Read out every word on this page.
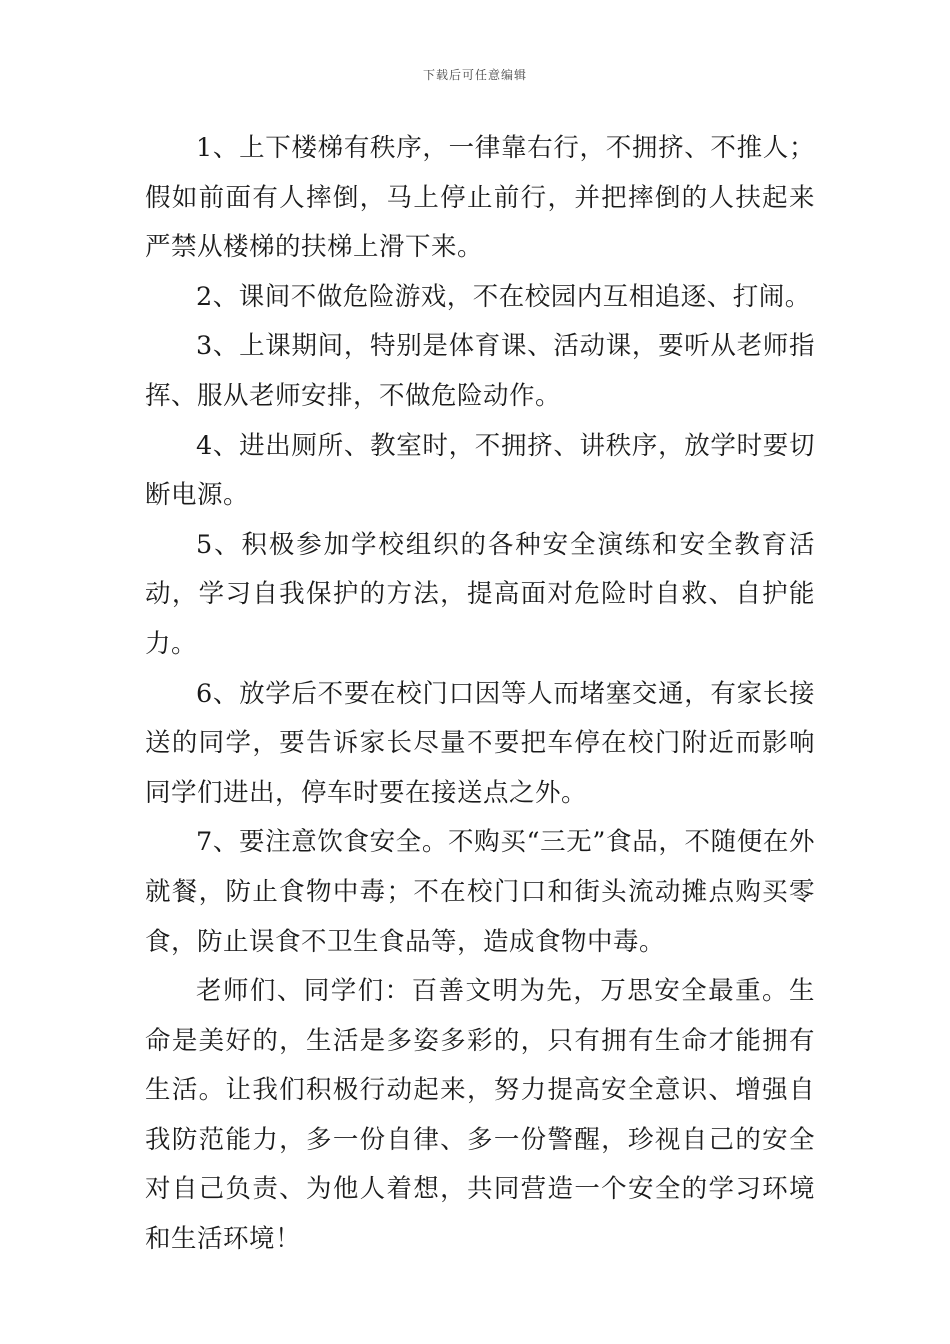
下载后可任意编辑

1、上下楼梯有秩序，一律靠右行，不拥挤、不推人；假如前面有人摔倒，马上停止前行，并把摔倒的人扶起来严禁从楼梯的扶梯上滑下来。

2、课间不做危险游戏，不在校园内互相追逐、打闹。

3、上课期间，特别是体育课、活动课，要听从老师指挥、服从老师安排，不做危险动作。

4、进出厕所、教室时，不拥挤、讲秩序，放学时要切断电源。

5、积极参加学校组织的各种安全演练和安全教育活动，学习自我保护的方法，提高面对危险时自救、自护能力。

6、放学后不要在校门口因等人而堵塞交通，有家长接送的同学，要告诉家长尽量不要把车停在校门附近而影响同学们进出，停车时要在接送点之外。

7、要注意饮食安全。不购买“三无”食品，不随便在外就餐，防止食物中毒；不在校门口和街头流动摊点购买零食，防止误食不卫生食品等，造成食物中毒。

老师们、同学们：百善文明为先，万思安全最重。生命是美好的，生活是多姿多彩的，只有拥有生命才能拥有生活。让我们积极行动起来，努力提高安全意识、增强自我防范能力，多一份自律、多一份警醒，珍视自己的安全对自己负责、为他人着想，共同营造一个安全的学习环境和生活环境！
